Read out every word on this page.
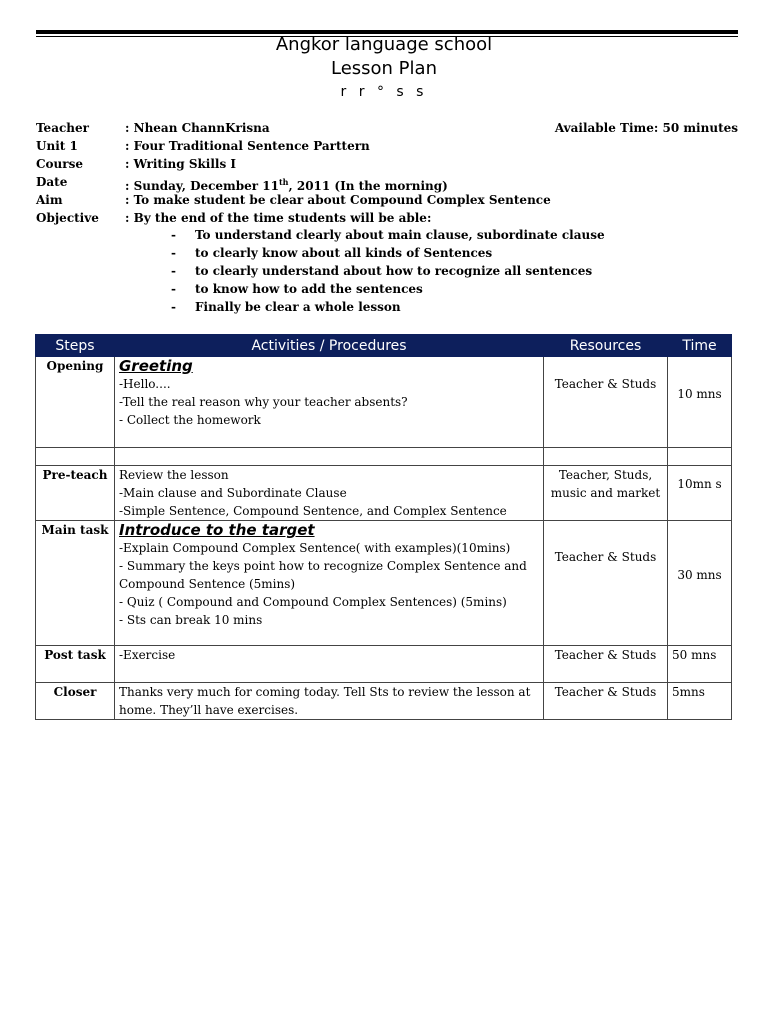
Angkor language school
Lesson Plan
r r ° s s
Teacher	: Nhean ChannKrisna	Available Time: 50 minutes
Unit 1	: Four Traditional Sentence Parttern
Course	: Writing Skills I
Date	: Sunday, December 11th, 2011 (In the morning)
Aim	: To make student be clear about Compound Complex Sentence
Objective : By the end of the time students will be able:
- To understand clearly about main clause, subordinate clause
- to clearly know about all kinds of Sentences
- to clearly understand about how to recognize all sentences
- to know how to add the sentences
- Finally be clear a whole lesson
Steps	Activities / Procedures	Resources	Time
Opening	Greeting
-Hello....
-Tell the real reason why your teacher absents?
- Collect the homework	Teacher & Studs	10 mns

Pre-teach	Review the lesson
-Main clause and Subordinate Clause
-Simple Sentence, Compound Sentence, and Complex Sentence	Teacher, Studs, music and market	10mn s
Main task	Introduce to the target
-Explain Compound Complex Sentence( with examples)(10mins)
- Summary the keys point how to recognize Complex Sentence and Compound Sentence (5mins)
- Quiz ( Compound and Compound Complex Sentences) (5mins)
- Sts can break 10 mins	Teacher & Studs	30 mns
Post task	-Exercise	Teacher & Studs	50 mns
Closer	Thanks very much for coming today. Tell Sts to review the lesson at home. They’ll have exercises.	Teacher & Studs	5mns
